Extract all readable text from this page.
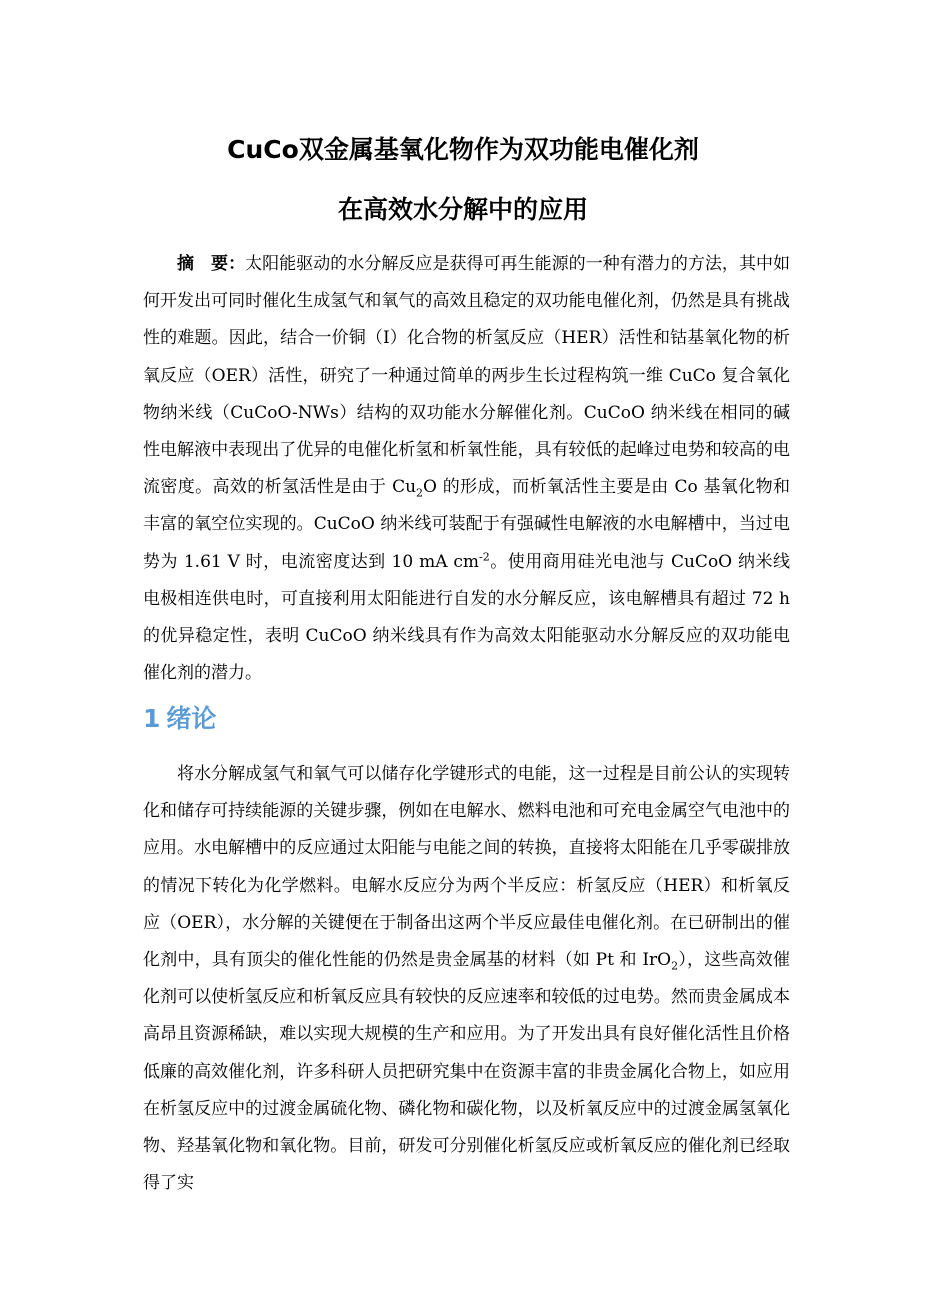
CuCo双金属基氧化物作为双功能电催化剂
在高效水分解中的应用
摘　要：太阳能驱动的水分解反应是获得可再生能源的一种有潜力的方法，其中如何开发出可同时催化生成氢气和氧气的高效且稳定的双功能电催化剂，仍然是具有挑战性的难题。因此，结合一价铜（I）化合物的析氢反应（HER）活性和钴基氧化物的析氧反应（OER）活性，研究了一种通过简单的两步生长过程构筑一维 CuCo 复合氧化物纳米线（CuCoO-NWs）结构的双功能水分解催化剂。CuCoO 纳米线在相同的碱性电解液中表现出了优异的电催化析氢和析氧性能，具有较低的起峰过电势和较高的电流密度。高效的析氢活性是由于 $Cu_2O$ 的形成，而析氧活性主要是由 Co 基氧化物和丰富的氧空位实现的。CuCoO 纳米线可装配于有强碱性电解液的水电解槽中，当过电势为 1.61 V 时，电流密度达到 10 mA $cm^{-2}$。使用商用硅光电池与 CuCoO 纳米线电极相连供电时，可直接利用太阳能进行自发的水分解反应，该电解槽具有超过 72 h 的优异稳定性，表明 CuCoO 纳米线具有作为高效太阳能驱动水分解反应的双功能电催化剂的潜力。
1 绪论
将水分解成氢气和氧气可以储存化学键形式的电能，这一过程是目前公认的实现转化和储存可持续能源的关键步骤，例如在电解水、燃料电池和可充电金属空气电池中的应用。水电解槽中的反应通过太阳能与电能之间的转换，直接将太阳能在几乎零碳排放的情况下转化为化学燃料。电解水反应分为两个半反应：析氢反应（HER）和析氧反应（OER），水分解的关键便在于制备出这两个半反应最佳电催化剂。在已研制出的催化剂中，具有顶尖的催化性能的仍然是贵金属基的材料（如 Pt 和 IrO$_2$），这些高效催化剂可以使析氢反应和析氧反应具有较快的反应速率和较低的过电势。然而贵金属成本高昂且资源稀缺，难以实现大规模的生产和应用。为了开发出具有良好催化活性且价格低廉的高效催化剂，许多科研人员把研究集中在资源丰富的非贵金属化合物上，如应用在析氢反应中的过渡金属硫化物、磷化物和碳化物，以及析氧反应中的过渡金属氢氧化物、羟基氧化物和氧化物。目前，研发可分别催化析氢反应或析氧反应的催化剂已经取得了实
